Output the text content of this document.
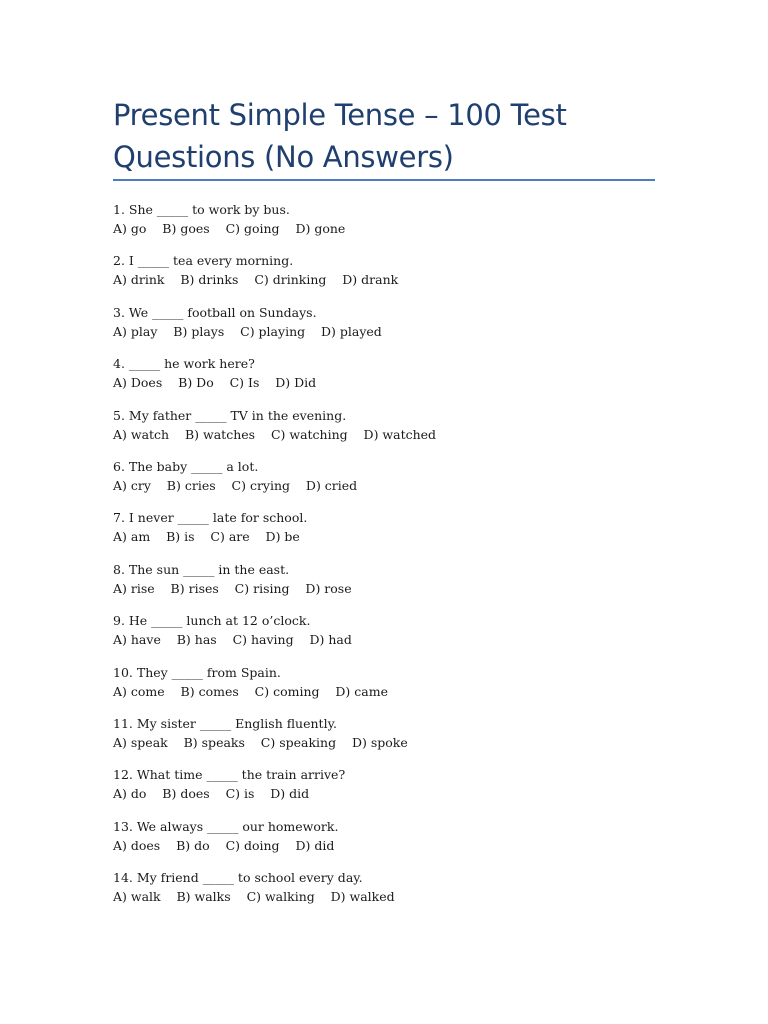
Present Simple Tense – 100 Test Questions (No Answers)
1. She _____ to work by bus.
A) go    B) goes    C) going    D) gone
2. I _____ tea every morning.
A) drink    B) drinks    C) drinking    D) drank
3. We _____ football on Sundays.
A) play    B) plays    C) playing    D) played
4. _____ he work here?
A) Does    B) Do    C) Is    D) Did
5. My father _____ TV in the evening.
A) watch    B) watches    C) watching    D) watched
6. The baby _____ a lot.
A) cry    B) cries    C) crying    D) cried
7. I never _____ late for school.
A) am    B) is    C) are    D) be
8. The sun _____ in the east.
A) rise    B) rises    C) rising    D) rose
9. He _____ lunch at 12 o’clock.
A) have    B) has    C) having    D) had
10. They _____ from Spain.
A) come    B) comes    C) coming    D) came
11. My sister _____ English fluently.
A) speak    B) speaks    C) speaking    D) spoke
12. What time _____ the train arrive?
A) do    B) does    C) is    D) did
13. We always _____ our homework.
A) does    B) do    C) doing    D) did
14. My friend _____ to school every day.
A) walk    B) walks    C) walking    D) walked
